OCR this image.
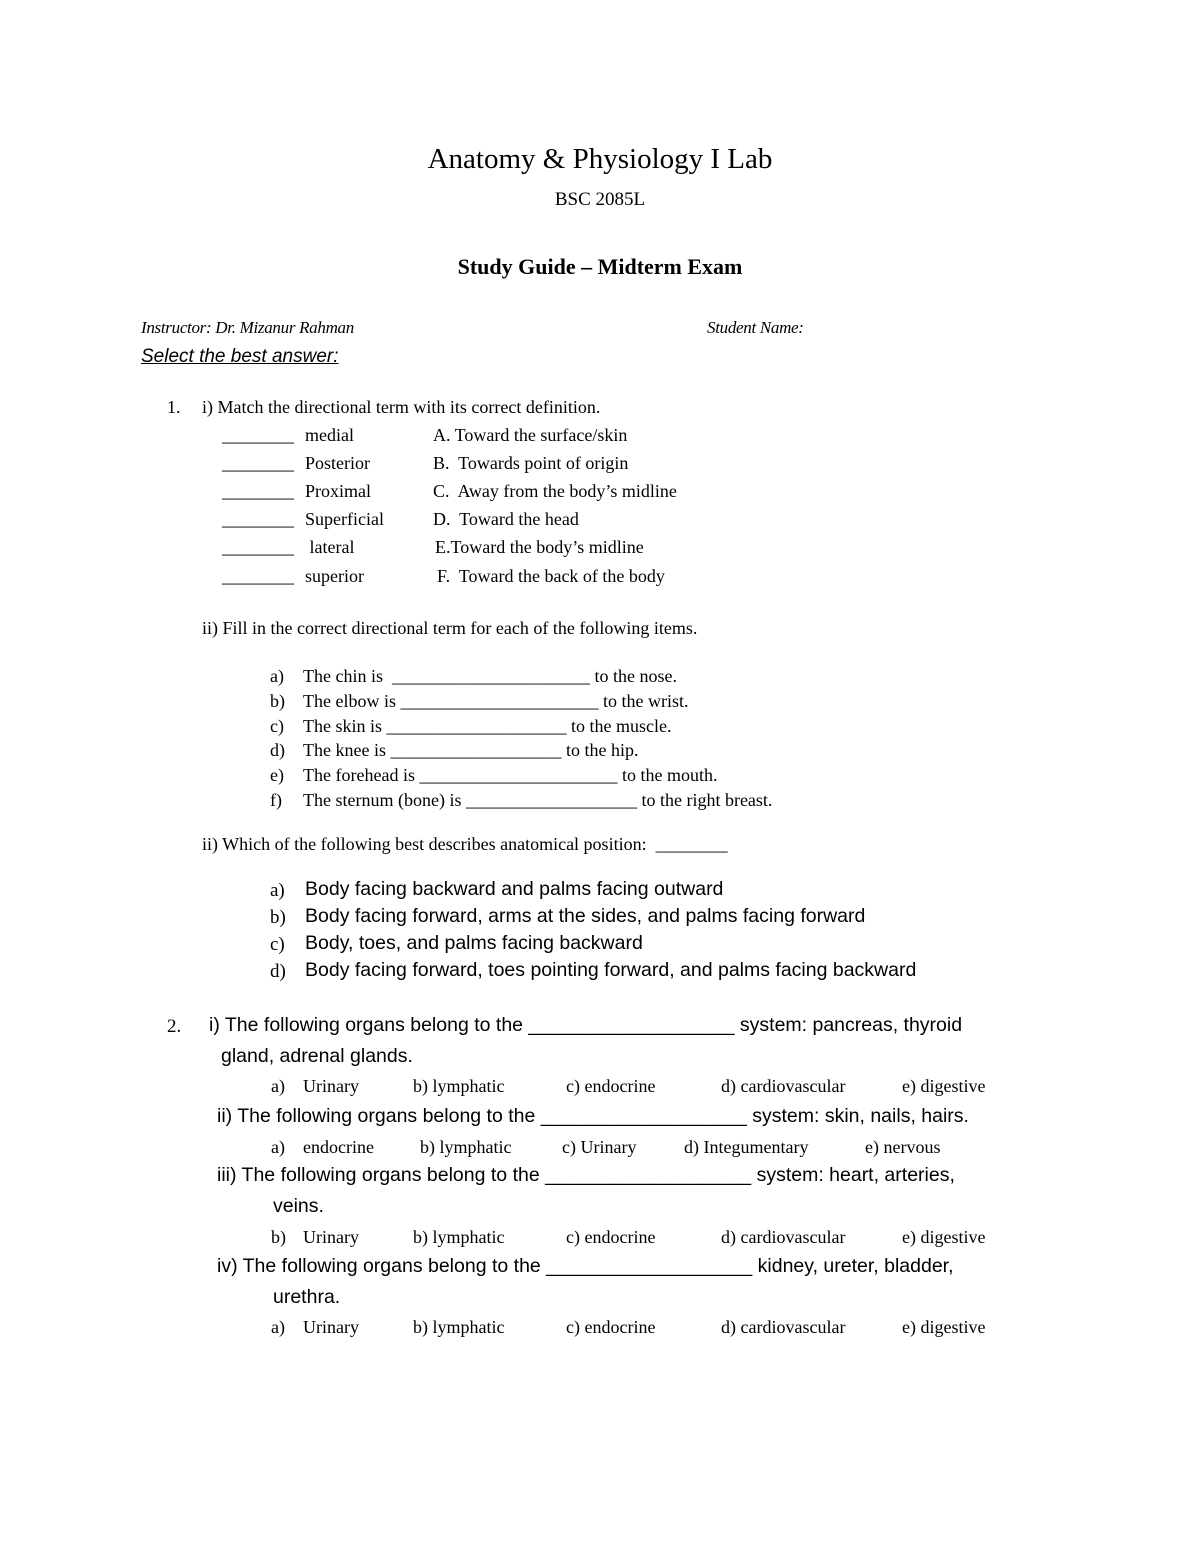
Anatomy & Physiology I Lab
BSC 2085L
Study Guide – Midterm Exam
Instructor: Dr. Mizanur Rahman	Student Name:
Select the best answer:
1. i) Match the directional term with its correct definition.
________ medial	A. Toward the surface/skin
________ Posterior	B.  Towards point of origin
________ Proximal	C.  Away from the body’s midline
________ Superficial	D.  Toward the head
________ lateral	E.Toward the body’s midline
________ superior	F.  Toward the back of the body
ii) Fill in the correct directional term for each of the following items.
a) The chin is  ______________________ to the nose.
b) The elbow is ______________________ to the wrist.
c) The skin is ____________________ to the muscle.
d) The knee is ___________________ to the hip.
e) The forehead is ______________________ to the mouth.
f) The sternum (bone) is ___________________ to the right breast.
ii) Which of the following best describes anatomical position:  ________
a) Body facing backward and palms facing outward
b) Body facing forward, arms at the sides, and palms facing forward
c) Body, toes, and palms facing backward
d) Body facing forward, toes pointing forward, and palms facing backward
2. i) The following organs belong to the ___________________ system: pancreas, thyroid
gland, adrenal glands.
a) Urinary	b) lymphatic	c) endocrine	d) cardiovascular	e) digestive
ii) The following organs belong to the ___________________ system: skin, nails, hairs.
a) endocrine	b) lymphatic	c) Urinary	d) Integumentary	e) nervous
iii) The following organs belong to the ___________________ system: heart, arteries,
veins.
b) Urinary	b) lymphatic	c) endocrine	d) cardiovascular	e) digestive
iv) The following organs belong to the ___________________ kidney, ureter, bladder,
urethra.
a) Urinary	b) lymphatic	c) endocrine	d) cardiovascular	e) digestive
